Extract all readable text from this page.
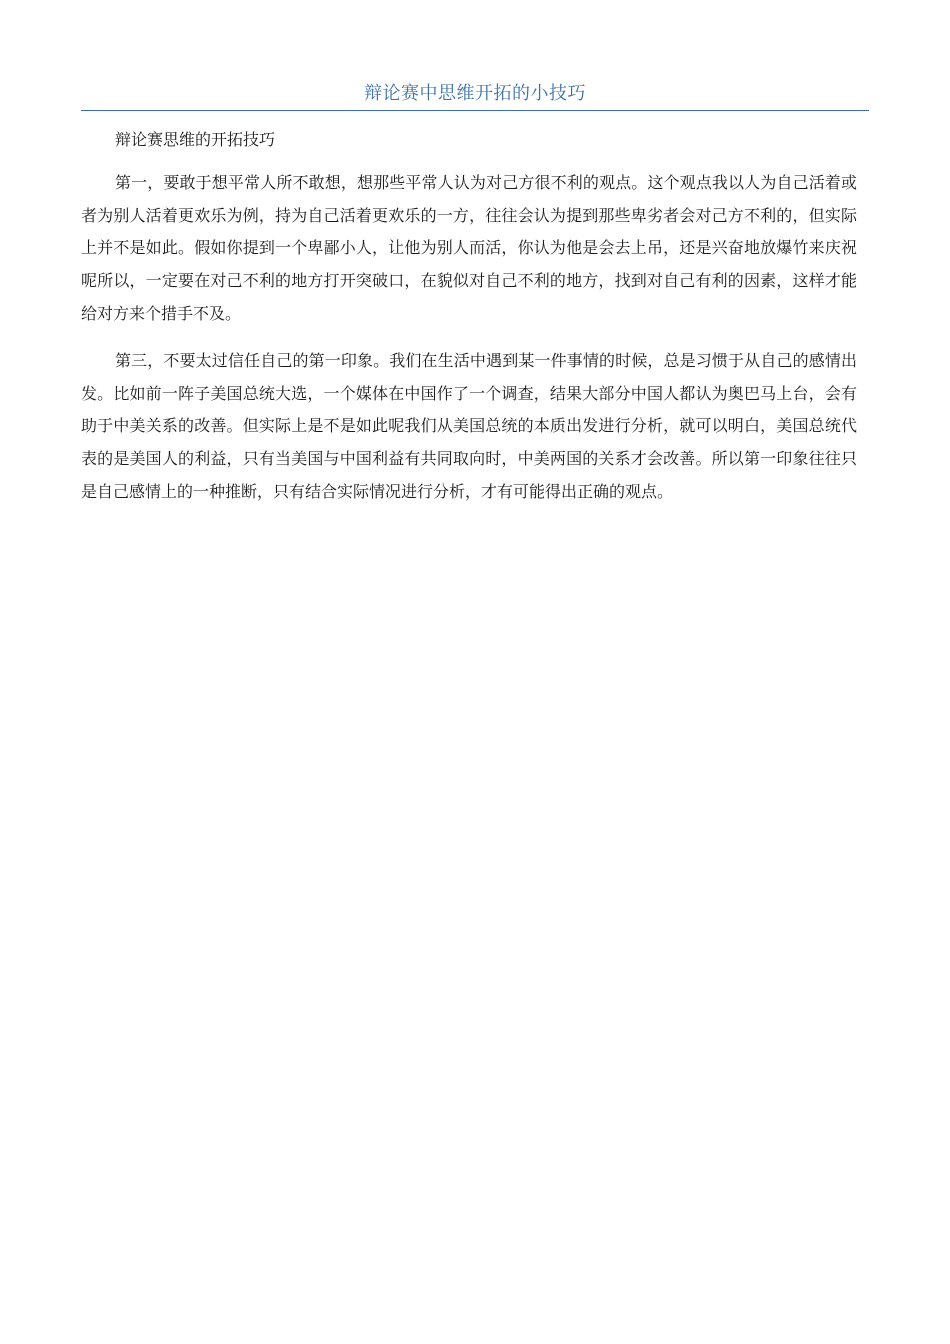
辩论赛中思维开拓的小技巧

辩论赛思维的开拓技巧

第一，要敢于想平常人所不敢想，想那些平常人认为对己方很不利的观点。这个观点我以人为自己活着或者为别人活着更欢乐为例，持为自己活着更欢乐的一方，往往会认为提到那些卑劣者会对己方不利的，但实际上并不是如此。假如你提到一个卑鄙小人，让他为别人而活，你认为他是会去上吊，还是兴奋地放爆竹来庆祝呢所以，一定要在对己不利的地方打开突破口，在貌似对自己不利的地方，找到对自己有利的因素，这样才能给对方来个措手不及。

第三，不要太过信任自己的第一印象。我们在生活中遇到某一件事情的时候，总是习惯于从自己的感情出发。比如前一阵子美国总统大选，一个媒体在中国作了一个调查，结果大部分中国人都认为奥巴马上台，会有助于中美关系的改善。但实际上是不是如此呢我们从美国总统的本质出发进行分析，就可以明白，美国总统代表的是美国人的利益，只有当美国与中国利益有共同取向时，中美两国的关系才会改善。所以第一印象往往只是自己感情上的一种推断，只有结合实际情况进行分析，才有可能得出正确的观点。
